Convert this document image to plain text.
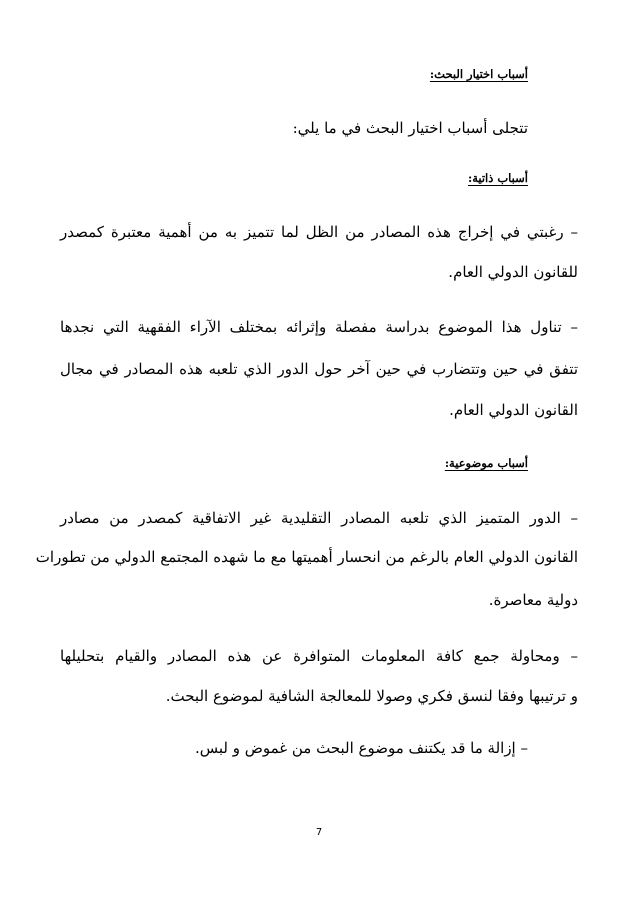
أسباب اختيار البحث:
تتجلى أسباب اختيار البحث في ما يلي:
أسباب ذاتية:
– رغبتي في إخراج هذه المصادر من الظل لما تتميز به من أهمية معتبرة كمصدر
للقانون الدولي العام.
– تناول هذا الموضوع بدراسة مفصلة وإثرائه بمختلف الآراء الفقهية التي نجدها
تتفق في حين وتتضارب في حين آخر حول الدور الذي تلعبه هذه المصادر في مجال
القانون الدولي العام.
أسباب موضوعية:
– الدور المتميز الذي تلعبه المصادر التقليدية غير الاتفاقية كمصدر من مصادر
القانون الدولي العام بالرغم من انحسار أهميتها مع ما شهده المجتمع الدولي من تطورات
دولية معاصرة.
– ومحاولة جمع كافة المعلومات المتوافرة عن هذه المصادر والقيام بتحليلها
و ترتيبها وفقا لنسق فكري وصولا للمعالجة الشافية لموضوع البحث.
– إزالة ما قد يكتنف موضوع البحث من غموض و لبس.
7
